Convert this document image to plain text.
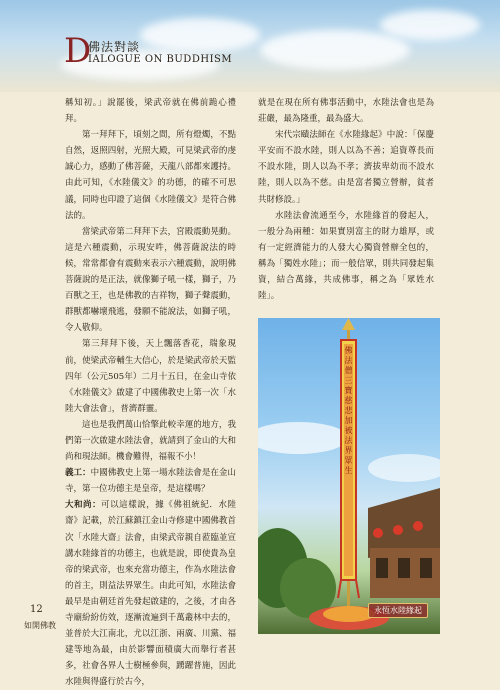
D
佛法對談
IALOGUE ON BUDDHISM

稱知初。」說罷後，梁武帝就在佛前跪心禮拜。

第一拜拜下，頃刻之間，所有燈燭，不點自然，返照四射，光照大殿，可見梁武帝的虔誠心力，感動了佛菩薩，天龍八部都來護持。由此可知，《水陸儀文》的功德，的確不可思議，同時也印證了這個《水陸儀文》是符合佛法的。

當梁武帝第二拜拜下去，宮殿震動晃動。這是六種震動，示現安吽，佛菩薩說法的時候，常常都會有震動來表示六種震動，說明佛菩薩說的是正法，就像獅子吼一樣，獅子，乃百獸之王，也是佛教的吉祥物，獅子聲震動，群獸都嚇壞飛逃，發願不能說法，如獅子吼，令人敬仰。

第三拜拜下後，天上飄落香花，瑞象現前，使梁武帝輔生大信心，於是梁武帝於天監四年（公元505年）二月十五日，在金山寺依《水陸儀文》啟建了中國佛教史上第一次「水陸大會法會」，普濟群靈。

這也是我們萬山恰擎此較幸運的地方，我們第一次啟建水陸法會，就請到了金山的大和尚和現法師。機會難得，福報不小！

義工：中國佛教史上第一場水陸法會是在金山寺，第一位功德主是皇帝，是這樣嗎？

大和尚：可以這樣說，據《佛祖統紀．水陸齋》記載，於江蘇鎮江金山寺修建中國佛教首次「水陸大齋」法會，由梁武帝親自蒞臨並宣講水陸緣首的功德主，也就是說，即使貴為皇帝的梁武帝，也來充當功德主，作為水陸法會的首主，則益法界眾生。由此可知，水陸法會最早是由朝廷首先發起啟建的，之後，才由各寺廟紛紛仿效，逐漸流遍到千萬叢林中去的，並普於大江南北，尤以江浙、兩廣、川黨、福建等地為最，由於影響面積廣大而舉行者甚多，社會各界人士樹極參與，踴躍普施，因此水陸與得盛行於古今，

就是在現在所有佛事活動中，水陸法會也是為莊嚴，最為隆重，最為盛大。

宋代宗賾法師在《水陸緣起》中說：「保慶平安而不設水陸，則人以為不善；追資尊長而不設水陸，則人以為不孝；濟拔卑幼而不設水陸，則人以為不慈。由是富者獨立營辦，貧者共財修設。」

水陸法會流通至今，水陸緣首的發起人，一般分為兩種：如果實別富主的財力雄厚，或有一定經濟能力的人發大心獨資營辦全包的，稱為「獨姓水陸」；而一般信眾，則共同發起集資，結合萬緣，共成佛事，稱之為「眾姓水陸」。

佛法僧三寶慈悲加被法界眾生
永恆水陸緣起
12
如開佛教
